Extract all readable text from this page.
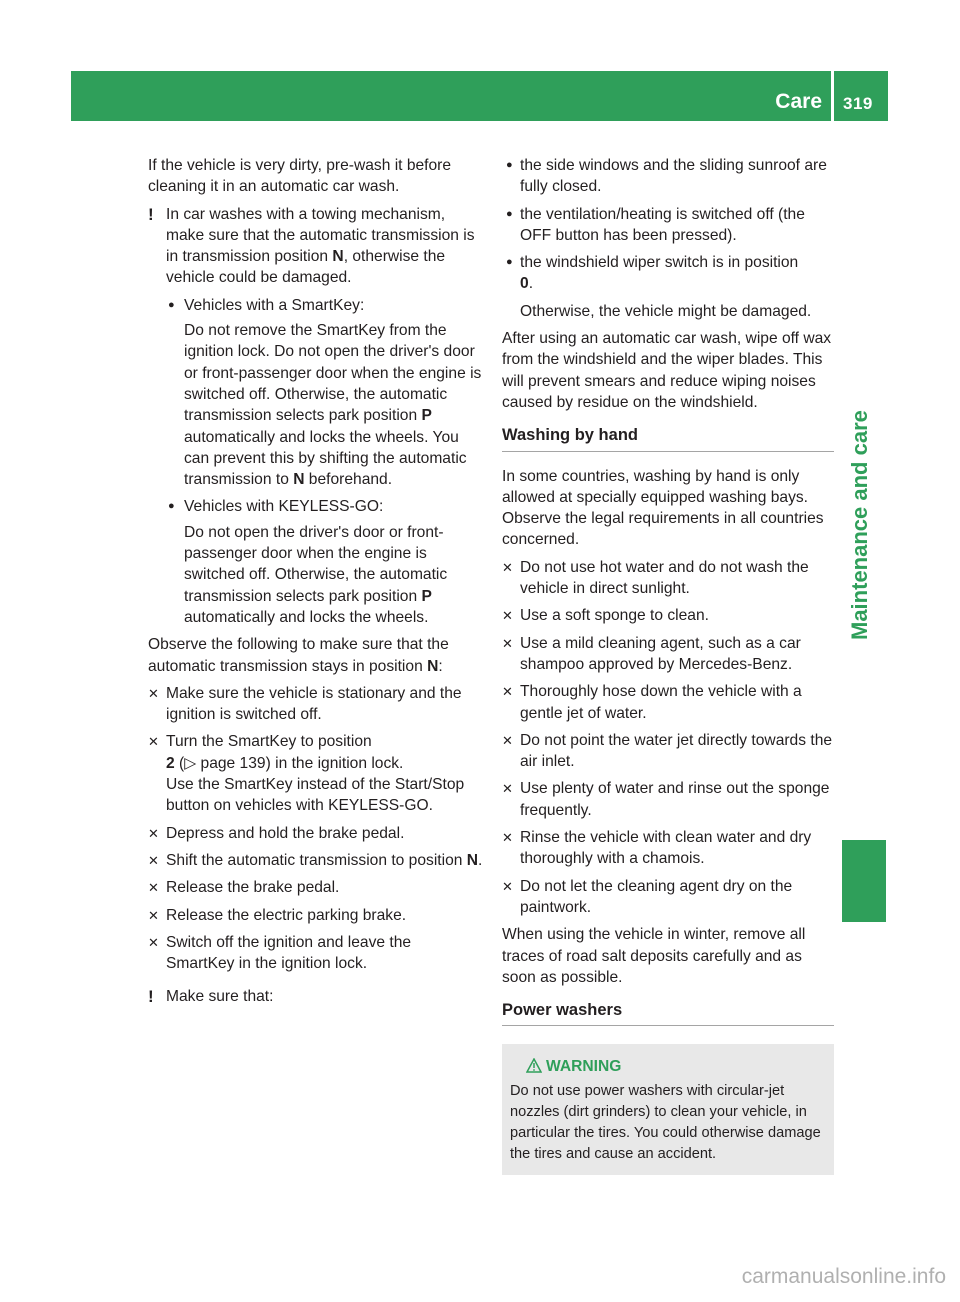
Care 319
Maintenance and care

If the vehicle is very dirty, pre-wash it before cleaning it in an automatic car wash.

! In car washes with a towing mechanism, make sure that the automatic transmission is in transmission position N, otherwise the vehicle could be damaged.
● Vehicles with a SmartKey:
Do not remove the SmartKey from the ignition lock. Do not open the driver's door or front-passenger door when the engine is switched off. Otherwise, the automatic transmission selects park position P automatically and locks the wheels. You can prevent this by shifting the automatic transmission to N beforehand.
● Vehicles with KEYLESS-GO:
Do not open the driver's door or front-passenger door when the engine is switched off. Otherwise, the automatic transmission selects park position P automatically and locks the wheels.

Observe the following to make sure that the automatic transmission stays in position N:

✕ Make sure the vehicle is stationary and the ignition is switched off.
✕ Turn the SmartKey to position
2 (▷ page 139) in the ignition lock.
Use the SmartKey instead of the Start/Stop button on vehicles with KEYLESS-GO.
✕ Depress and hold the brake pedal.
✕ Shift the automatic transmission to position N.
✕ Release the brake pedal.
✕ Release the electric parking brake.
✕ Switch off the ignition and leave the SmartKey in the ignition lock.
! Make sure that:
● the side windows and the sliding sunroof are fully closed.
● the ventilation/heating is switched off (the OFF button has been pressed).
● the windshield wiper switch is in position
0.

Otherwise, the vehicle might be damaged.

After using an automatic car wash, wipe off wax from the windshield and the wiper blades. This will prevent smears and reduce wiping noises caused by residue on the windshield.

Washing by hand

In some countries, washing by hand is only allowed at specially equipped washing bays. Observe the legal requirements in all countries concerned.

✕ Do not use hot water and do not wash the vehicle in direct sunlight.
✕ Use a soft sponge to clean.
✕ Use a mild cleaning agent, such as a car shampoo approved by Mercedes-Benz.
✕ Thoroughly hose down the vehicle with a gentle jet of water.
✕ Do not point the water jet directly towards the air inlet.
✕ Use plenty of water and rinse out the sponge frequently.
✕ Rinse the vehicle with clean water and dry thoroughly with a chamois.
✕ Do not let the cleaning agent dry on the paintwork.

When using the vehicle in winter, remove all traces of road salt deposits carefully and as soon as possible.

Power washers
WARNING
Do not use power washers with circular-jet nozzles (dirt grinders) to clean your vehicle, in particular the tires. You could otherwise damage the tires and cause an accident.
carmanualsonline.info
